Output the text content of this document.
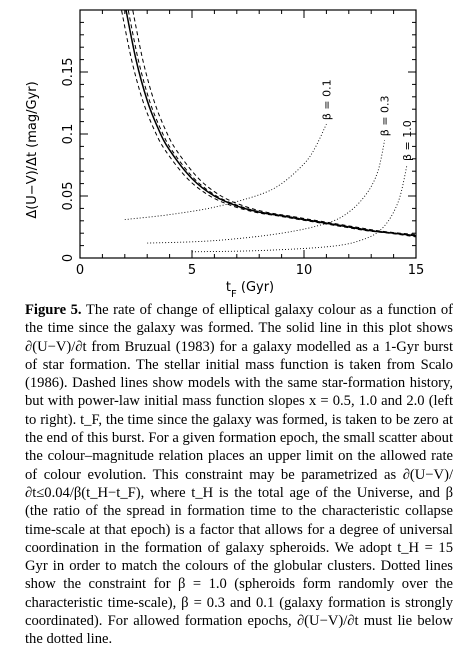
0	5	10	15
0
0.05
0.1
0.15
β = 0.1	β = 0.3
β = 1.0
Δ(U−V)/Δt (mag/Gyr)
$t_F$ (Gyr)

Figure 5. The rate of change of elliptical galaxy colour as a function of the time since the galaxy was formed. The solid line in this plot shows ∂(U−V)/∂t from Bruzual (1983) for a galaxy modelled as a 1-Gyr burst of star formation. The stellar initial mass function is taken from Scalo (1986). Dashed lines show models with the same star-formation history, but with power-law initial mass function slopes x = 0.5, 1.0 and 2.0 (left to right). t_F, the time since the galaxy was formed, is taken to be zero at the end of this burst. For a given formation epoch, the small scatter about the colour–magnitude relation places an upper limit on the allowed rate of colour evolution. This constraint may be parametrized as ∂(U−V)/∂t≤0.04/β(t_H−t_F), where t_H is the total age of the Universe, and β (the ratio of the spread in formation time to the characteristic collapse time-scale at that epoch) is a factor that allows for a degree of universal coordination in the formation of galaxy spheroids. We adopt t_H = 15 Gyr in order to match the colours of the globular clusters. Dotted lines show the constraint for β = 1.0 (spheroids form randomly over the characteristic time-scale), β = 0.3 and 0.1 (galaxy formation is strongly coordinated). For allowed formation epochs, ∂(U−V)/∂t must lie below the dotted line.
